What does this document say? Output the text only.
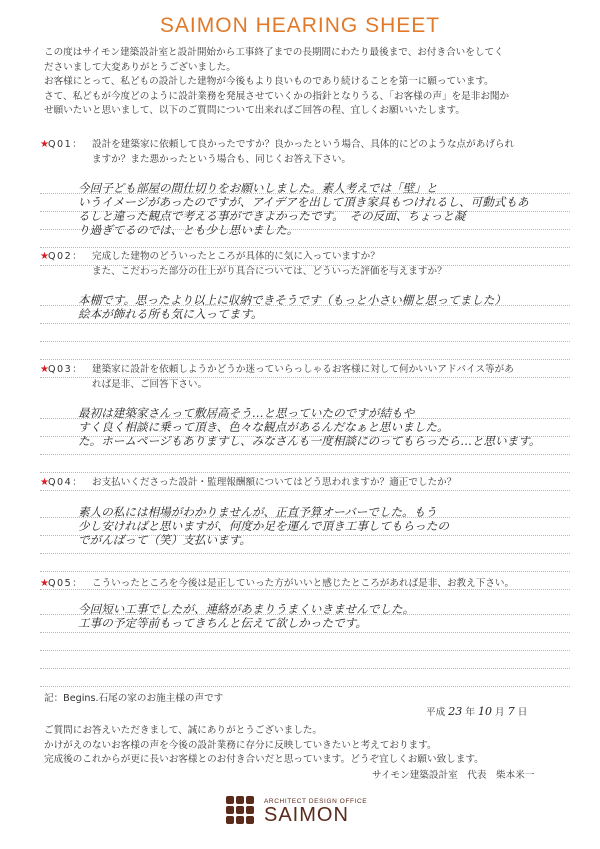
SAIMON HEARING SHEET

この度はサイモン建築設計室と設計開始から工事終了までの長期間にわたり最後まで、お付き合いをしてく

ださいまして大変ありがとうございました。

お客様にとって、私どもの設計した建物が今後もより良いものであり続けることを第一に願っています。

さて、私どもが今度どのように設計業務を発展させていくかの指針となりうる、「お客様の声」を是非お聞か

せ願いたいと思いまして、以下のご質問について出来ればご回答の程、宜しくお願いいたします。

★ Q01： 設計を建築家に依頼して良かったですか？良かったという場合、具体的にどのような点があげられ
ますか？また悪かったという場合も、同じくお答え下さい。
今回子ども部屋の間仕切りをお願いしました。素人考えでは「壁」と
いうイメージがあったのですが、アイデアを出して頂き家具もつけれるし、可動式もあ
るしと違った観点で考える事ができよかったです。　その反面、ちょっと凝
り過ぎてるのでは、とも少し思いました。
★ Q02： 完成した建物のどういったところが具体的に気に入っていますか？
また、こだわった部分の仕上がり具合については、どういった評価を与えますか？
本棚です。思ったより以上に収納できそうです（もっと小さい棚と思ってました）
絵本が飾れる所も気に入ってます。
★ Q03： 建築家に設計を依頼しようかどうか迷っていらっしゃるお客様に対して何かいいアドバイス等があ
れば是非、ご回答下さい。
最初は建築家さんって敷居高そう…と思っていたのですが結もや
すく良く相談に乗って頂き、色々な観点があるんだなぁと思いました。
た。ホームページもありますし、みなさんも一度相談にのってもらったら…と思います。
★ Q04： お支払いくださった設計・監理報酬額についてはどう思われますか？適正でしたか？
素人の私には相場がわかりませんが、正直予算オーバーでした。もう
少し安ければと思いますが、何度か足を運んで頂き工事してもらったの
でがんばって（笑）支払います。
★ Q05： こういったところを今後は是正していった方がいいと感じたところがあれば是非、お教え下さい。
今回短い工事でしたが、連絡があまりうまくいきませんでした。
工事の予定等前もってきちんと伝えて欲しかったです。
記：Begins.石尾の家のお施主様の声です
平成 23 年 10 月 7 日

ご質問にお答えいただきまして、誠にありがとうございました。

かけがえのないお客様の声を今後の設計業務に存分に反映していきたいと考えております。

完成後のこれからが更に長いお客様とのお付き合いだと思っています。どうぞ宜しくお願い致します。

サイモン建築設計室　代表　柴本米一
ARCHITECT DESIGN OFFICE
SAIMON
